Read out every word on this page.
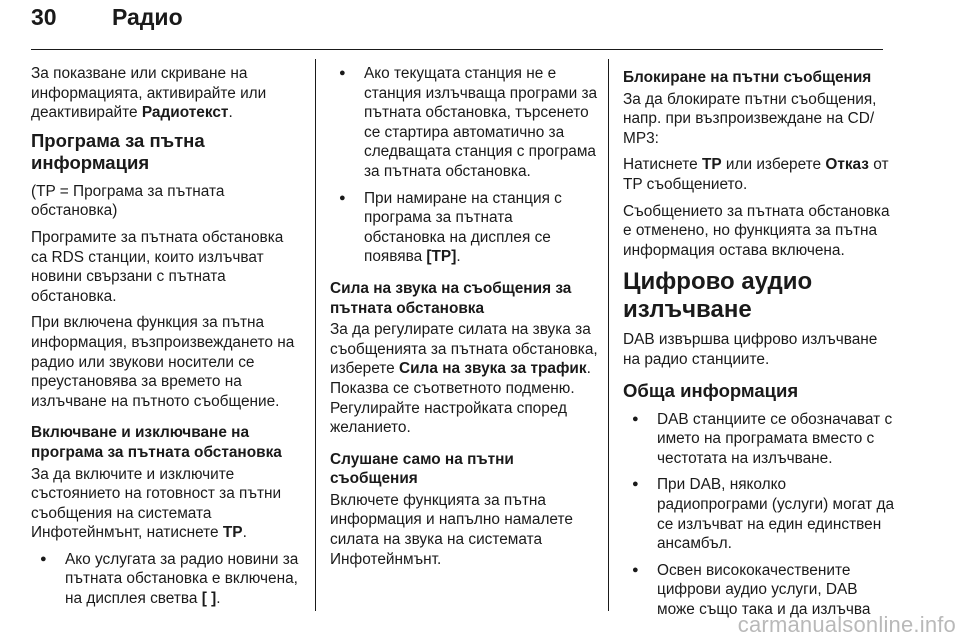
30 Радио

За показване или скриване на информацията, активирайте или деактивирайте Радиотекст.

Програма за пътна информация

(TP = Програма за пътната обстановка)

Програмите за пътната обстановка са RDS станции, които излъчват новини свързани с пътната обстановка.

При включена функция за пътна информация, възпроизвеждането на радио или звукови носители се преустановява за времето на излъчване на пътното съобщение.

Включване и изключване на програма за пътната обстановка

За да включите и изключите състоянието на готовност за пътни съобщения на системата Инфотейнмънт, натиснете TP.

● Ако услугата за радио новини за пътната обстановка е включена, на дисплея светва [ ].
● Ако текущата станция не е станция излъчваща програми за пътната обстановка, търсенето се стартира автоматично за следващата станция с програма за пътната обстановка.
● При намиране на станция с програма за пътната обстановка на дисплея се появява [TP].
Сила на звука на съобщения за пътната обстановка

За да регулирате силата на звука за съобщенията за пътната обстановка, изберете Сила на звука за трафик. Показва се съответното подменю.
Регулирайте настройката според желанието.

Слушане само на пътни съобщения

Включете функцията за пътна информация и напълно намалете силата на звука на системата Инфотейнмънт.

Блокиране на пътни съобщения

За да блокирате пътни съобщения, напр. при възпроизвеждане на CD/ MP3:

Натиснете TP или изберете Отказ от TP съобщението.

Съобщението за пътната обстановка е отменено, но функцията за пътна информация остава включена.

Цифрово аудио излъчване

DAB извършва цифрово излъчване на радио станциите.

Обща информация
● DAB станциите се обозначават с името на програмата вместо с честотата на излъчване.
● При DAB, няколко радиопрограми (услуги) могат да се излъчват на един единствен ансамбъл.
● Освен висококачествените цифрови аудио услуги, DAB може също така и да излъчва
carmanualsonline.info
